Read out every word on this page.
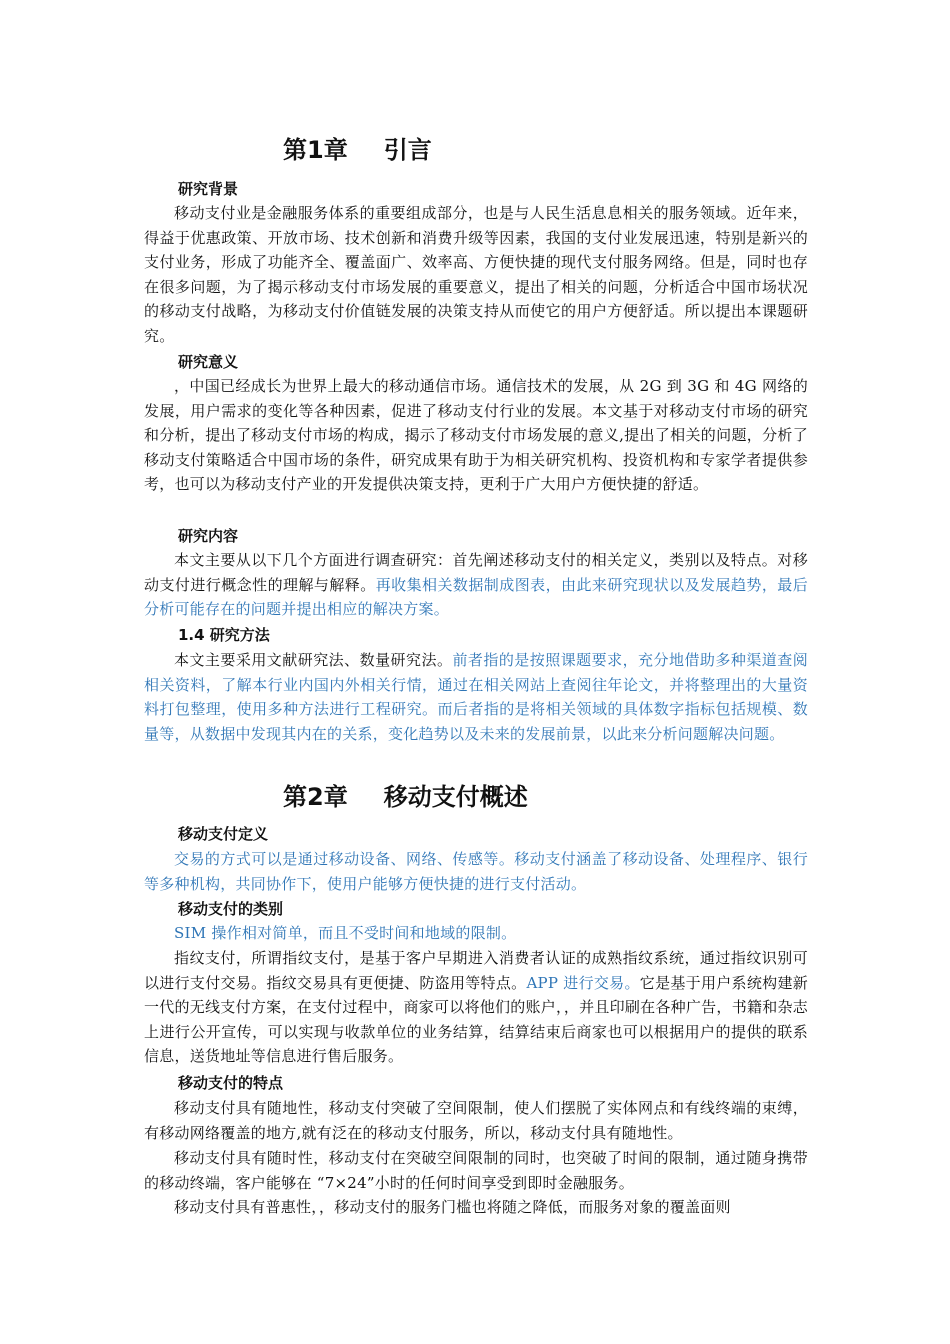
第1章 引言
研究背景
移动支付业是金融服务体系的重要组成部分，也是与人民生活息息相关的服务领域。近年来，得益于优惠政策、开放市场、技术创新和消费升级等因素，我国的支付业发展迅速，特别是新兴的支付业务，形成了功能齐全、覆盖面广、效率高、方便快捷的现代支付服务网络。但是，同时也存在很多问题，为了揭示移动支付市场发展的重要意义，提出了相关的问题，分析适合中国市场状况的移动支付战略，为移动支付价值链发展的决策支持从而使它的用户方便舒适。所以提出本课题研究。
研究意义
，中国已经成长为世界上最大的移动通信市场。通信技术的发展，从 2G 到 3G 和 4G 网络的发展，用户需求的变化等各种因素，促进了移动支付行业的发展。本文基于对移动支付市场的研究和分析，提出了移动支付市场的构成，揭示了移动支付市场发展的意义,提出了相关的问题，分析了移动支付策略适合中国市场的条件，研究成果有助于为相关研究机构、投资机构和专家学者提供参考，也可以为移动支付产业的开发提供决策支持，更利于广大用户方便快捷的舒适。
研究内容
本文主要从以下几个方面进行调查研究：首先阐述移动支付的相关定义，类别以及特点。对移动支付进行概念性的理解与解释。再收集相关数据制成图表，由此来研究现状以及发展趋势，最后分析可能存在的问题并提出相应的解决方案。
1.4 研究方法
本文主要采用文献研究法、数量研究法。前者指的是按照课题要求，充分地借助多种渠道查阅相关资料，了解本行业内国内外相关行情，通过在相关网站上查阅往年论文，并将整理出的大量资料打包整理，使用多种方法进行工程研究。而后者指的是将相关领域的具体数字指标包括规模、数量等，从数据中发现其内在的关系，变化趋势以及未来的发展前景，以此来分析问题解决问题。
第2章 移动支付概述
移动支付定义
交易的方式可以是通过移动设备、网络、传感等。移动支付涵盖了移动设备、处理程序、银行等多种机构，共同协作下，使用户能够方便快捷的进行支付活动。
移动支付的类别
SIM 操作相对简单，而且不受时间和地域的限制。
指纹支付，所谓指纹支付，是基于客户早期进入消费者认证的成熟指纹系统，通过指纹识别可以进行支付交易。指纹交易具有更便捷、防盗用等特点。APP 进行交易。它是基于用户系统构建新一代的无线支付方案，在支付过程中，商家可以将他们的账户，，并且印刷在各种广告，书籍和杂志上进行公开宣传，可以实现与收款单位的业务结算，结算结束后商家也可以根据用户的提供的联系信息，送货地址等信息进行售后服务。
移动支付的特点
移动支付具有随地性，移动支付突破了空间限制，使人们摆脱了实体网点和有线终端的束缚，有移动网络覆盖的地方,就有泛在的移动支付服务，所以，移动支付具有随地性。
移动支付具有随时性，移动支付在突破空间限制的同时，也突破了时间的限制，通过随身携带的移动终端，客户能够在 “7×24”小时的任何时间享受到即时金融服务。
移动支付具有普惠性，，移动支付的服务门槛也将随之降低，而服务对象的覆盖面则
